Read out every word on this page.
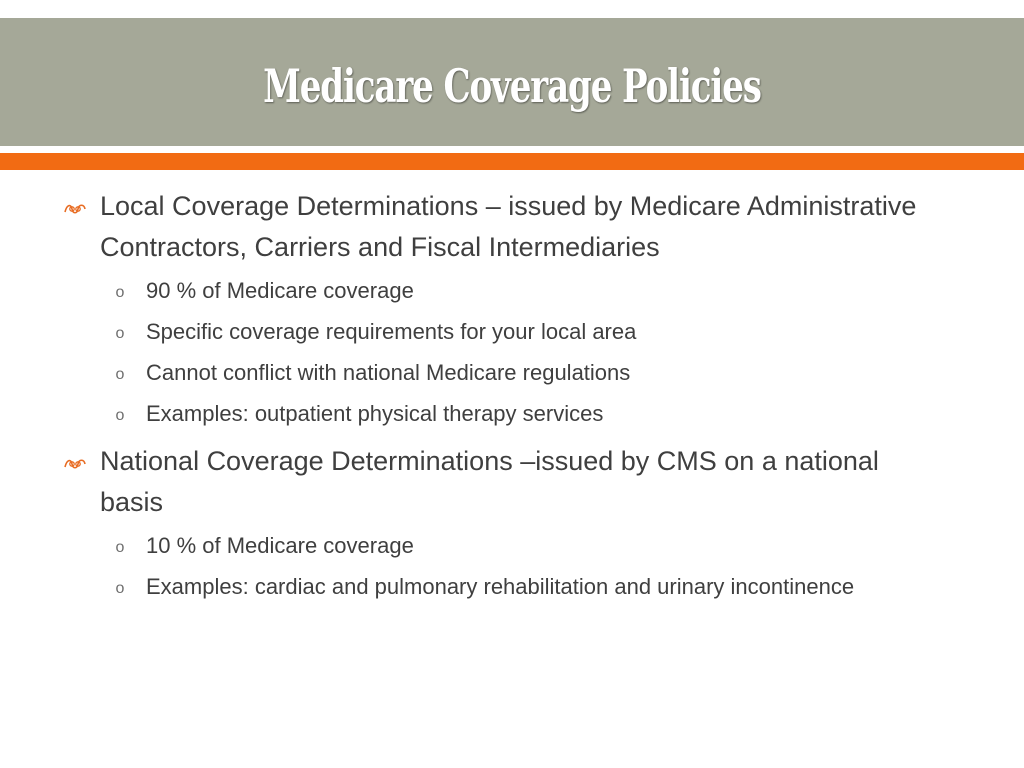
Medicare Coverage Policies
Local Coverage Determinations – issued by Medicare Administrative Contractors, Carriers and Fiscal Intermediaries
o 90 % of Medicare coverage
o Specific coverage requirements for your local area
o Cannot conflict with national Medicare regulations
o Examples: outpatient physical therapy services
National Coverage Determinations –issued by CMS on a national basis
o 10 % of Medicare coverage
o Examples: cardiac and pulmonary rehabilitation and urinary incontinence
